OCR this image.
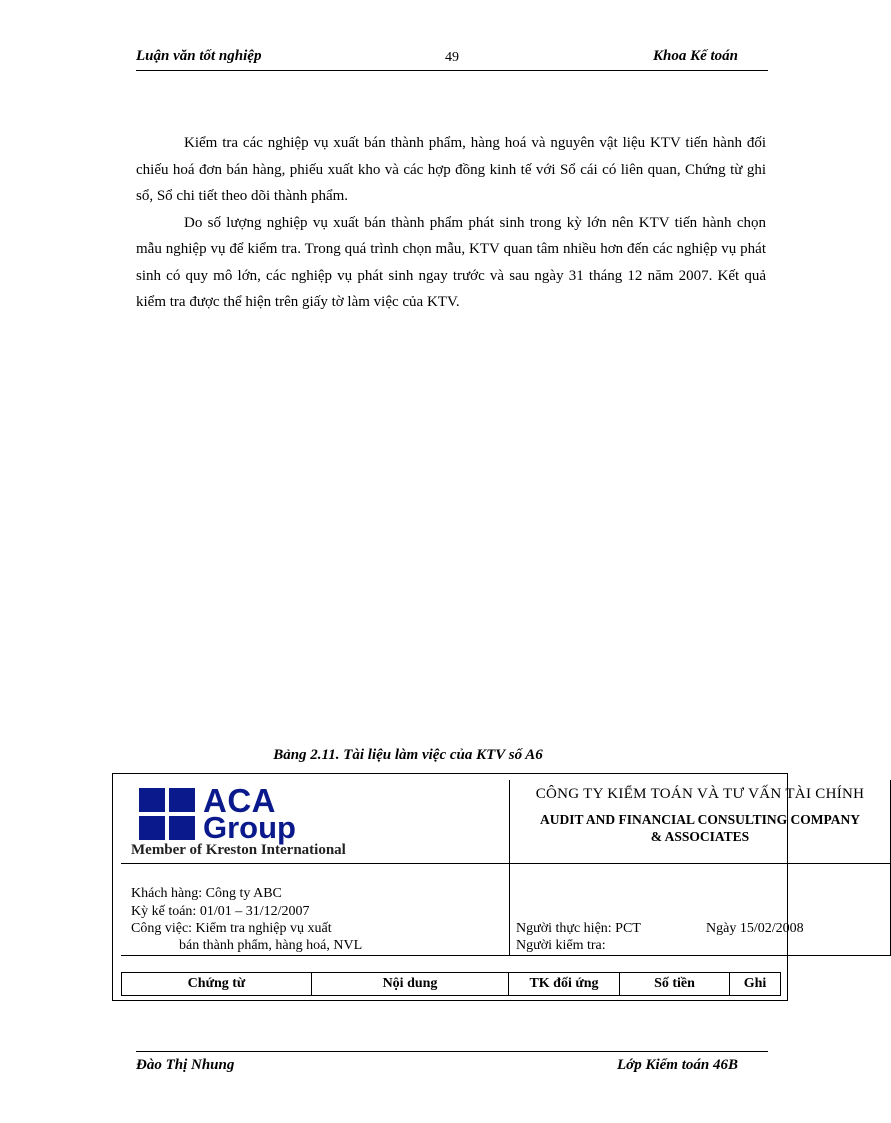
Luận văn tốt nghiệp	49	Khoa Kế toán

Kiểm tra các nghiệp vụ xuất bán thành phẩm, hàng hoá và nguyên vật liệu KTV tiến hành đối chiếu hoá đơn bán hàng, phiếu xuất kho và các hợp đồng kinh tế với Sổ cái có liên quan, Chứng từ ghi sổ, Sổ chi tiết theo dõi thành phẩm.

Do số lượng nghiệp vụ xuất bán thành phẩm phát sinh trong kỳ lớn nên KTV tiến hành chọn mẫu nghiệp vụ để kiểm tra. Trong quá trình chọn mẫu, KTV quan tâm nhiều hơn đến các nghiệp vụ phát sinh có quy mô lớn, các nghiệp vụ phát sinh ngay trước và sau ngày 31 tháng 12 năm 2007. Kết quả kiểm tra được thể hiện trên giấy tờ làm việc của KTV.

Bảng 2.11. Tài liệu làm việc của KTV số A6
ACA
Group
Member of Kreston International
CÔNG TY KIỂM TOÁN VÀ TƯ VẤN TÀI CHÍNH
AUDIT AND FINANCIAL CONSULTING COMPANY
& ASSOCIATES
Khách hàng: Công ty ABC
Kỳ kế toán: 01/01 – 31/12/2007
Công việc: Kiểm tra nghiệp vụ xuất
bán thành phẩm, hàng hoá, NVL
Người thực hiện: PCT	Ngày 15/02/2008
Người kiểm tra:
Chứng từ	Nội dung	TK đối ứng	Số tiền	Ghi
Đào Thị Nhung	Lớp Kiểm toán 46B
